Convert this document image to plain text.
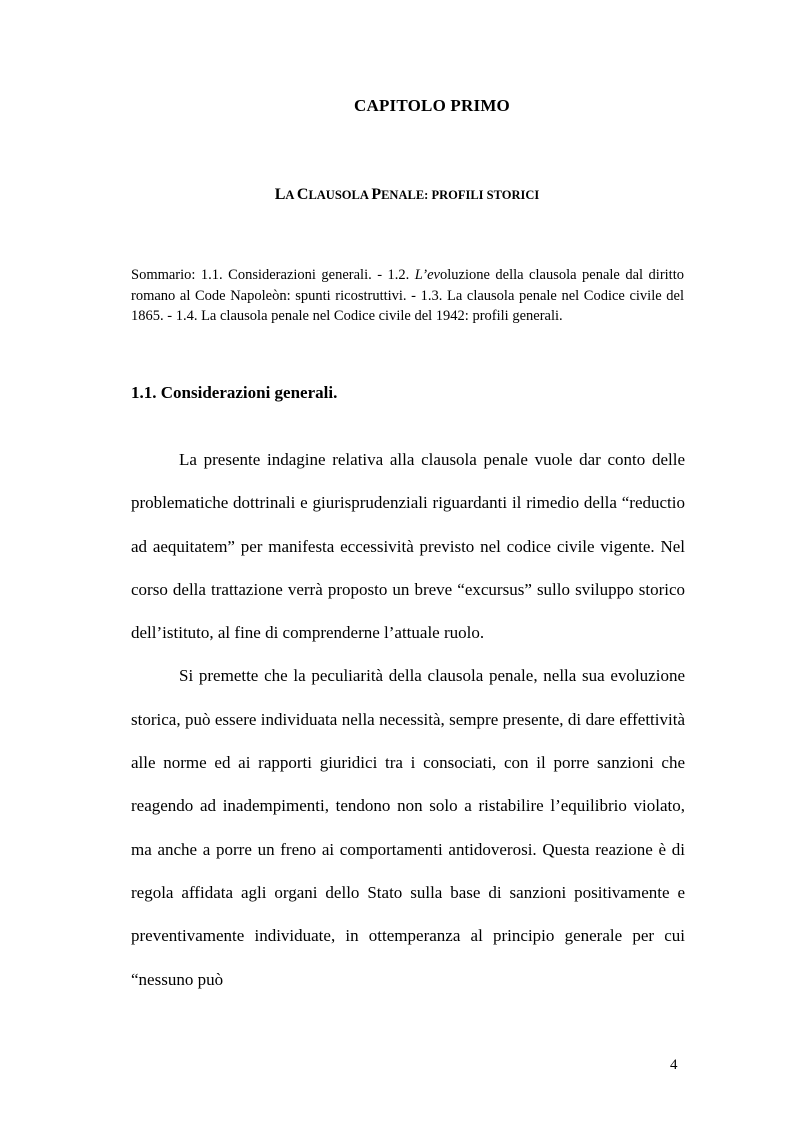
CAPITOLO PRIMO
LA CLAUSOLA PENALE: PROFILI STORICI
Sommario: 1.1. Considerazioni generali. - 1.2. L’evoluzione della clausola penale dal diritto romano al Code Napoleòn: spunti ricostruttivi. - 1.3. La clausola penale nel Codice civile del 1865. - 1.4. La clausola penale nel Codice civile del 1942: profili generali.
1.1. Considerazioni generali.

La presente indagine relativa alla clausola penale vuole dar conto delle problematiche dottrinali e giurisprudenziali riguardanti il rimedio della “reductio ad aequitatem” per manifesta eccessività previsto nel codice civile vigente. Nel corso della trattazione verrà proposto un breve “excursus” sullo sviluppo storico dell’istituto, al fine di comprenderne l’attuale ruolo.

Si premette che la peculiarità della clausola penale, nella sua evoluzione storica, può essere individuata nella necessità, sempre presente, di dare effettività alle norme ed ai rapporti giuridici tra i consociati, con il porre sanzioni che reagendo ad inadempimenti, tendono non solo a ristabilire l’equilibrio violato, ma anche a porre un freno ai comportamenti antidoverosi. Questa reazione è di regola affidata agli organi dello Stato sulla base di sanzioni positivamente e preventivamente individuate, in ottemperanza al principio generale per cui “nessuno può

4
